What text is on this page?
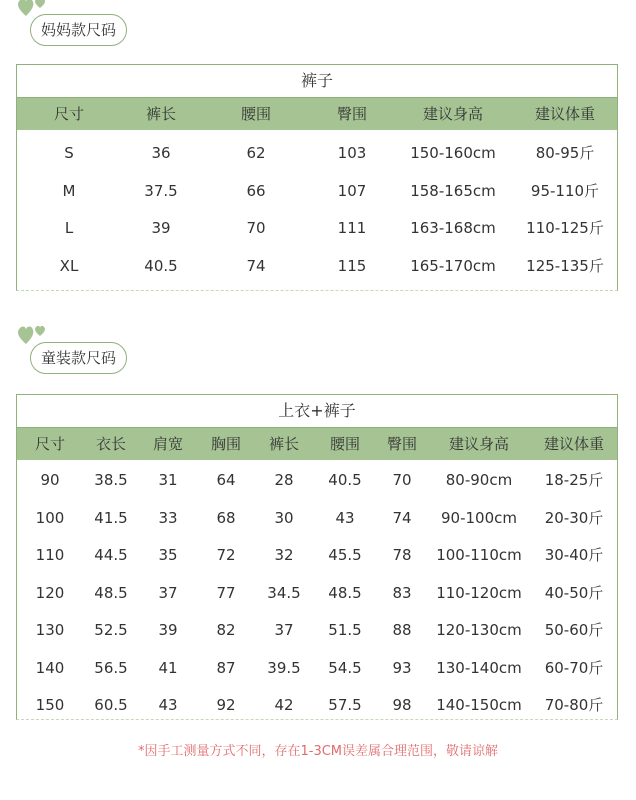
妈妈款尺码
裤子
尺寸	裤长	腰围	臀围	建议身高	建议体重
S	36	62	103	150-160cm	80-95斤
M	37.5	66	107	158-165cm	95-110斤
L	39	70	111	163-168cm	110-125斤
XL	40.5	74	115	165-170cm	125-135斤
童装款尺码
上衣+裤子
尺寸	衣长	肩宽	胸围	裤长	腰围	臀围	建议身高	建议体重
90	38.5	31	64	28	40.5	70	80-90cm	18-25斤
100	41.5	33	68	30	43	74	90-100cm	20-30斤
110	44.5	35	72	32	45.5	78	100-110cm	30-40斤
120	48.5	37	77	34.5	48.5	83	110-120cm	40-50斤
130	52.5	39	82	37	51.5	88	120-130cm	50-60斤
140	56.5	41	87	39.5	54.5	93	130-140cm	60-70斤
150	60.5	43	92	42	57.5	98	140-150cm	70-80斤
*因手工测量方式不同，存在1-3CM误差属合理范围，敬请谅解
